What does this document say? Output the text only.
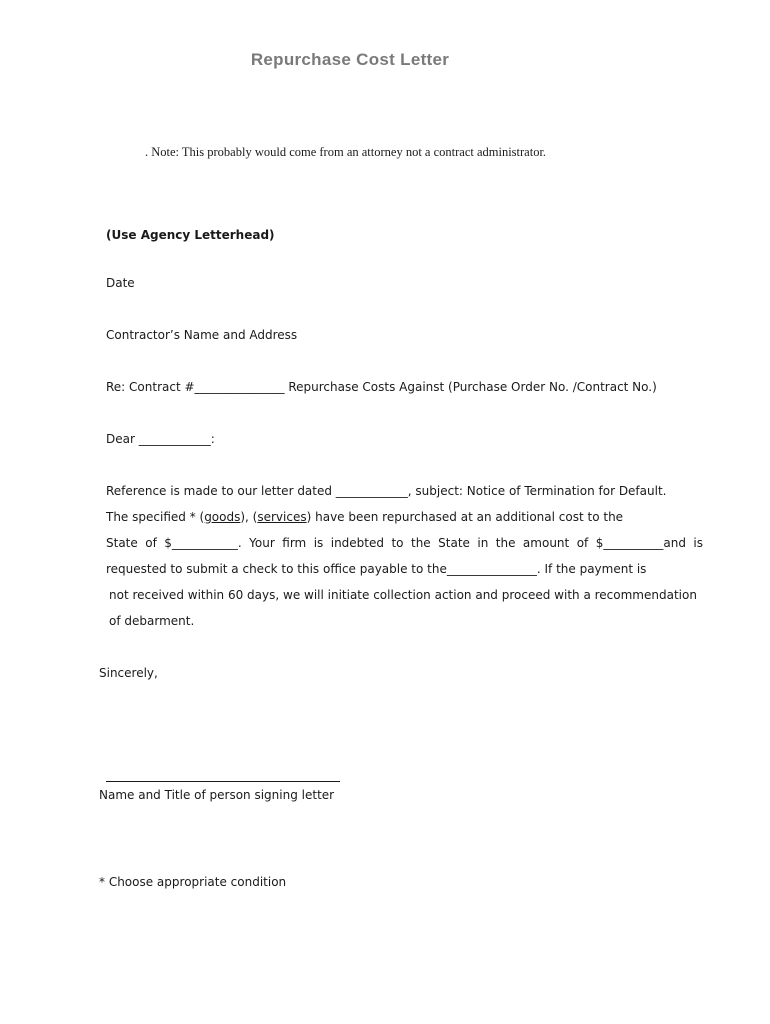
Repurchase Cost Letter
. Note: This probably would come from an attorney not a contract administrator.
(Use Agency Letterhead)
Date
Contractor’s Name and Address
Re: Contract #_______________ Repurchase Costs Against (Purchase Order No. /Contract No.)
Dear ____________:
Reference is made to our letter dated ____________, subject: Notice of Termination for Default.
The specified * (goods), (services) have been repurchased at an additional cost to the
State of $___________. Your firm is indebted to the State in the amount of $__________and is
requested to submit a check to this office payable to the_______________. If the payment is
not received within 60 days, we will initiate collection action and proceed with a recommendation
of debarment.
Sincerely,
Name and Title of person signing letter
* Choose appropriate condition
